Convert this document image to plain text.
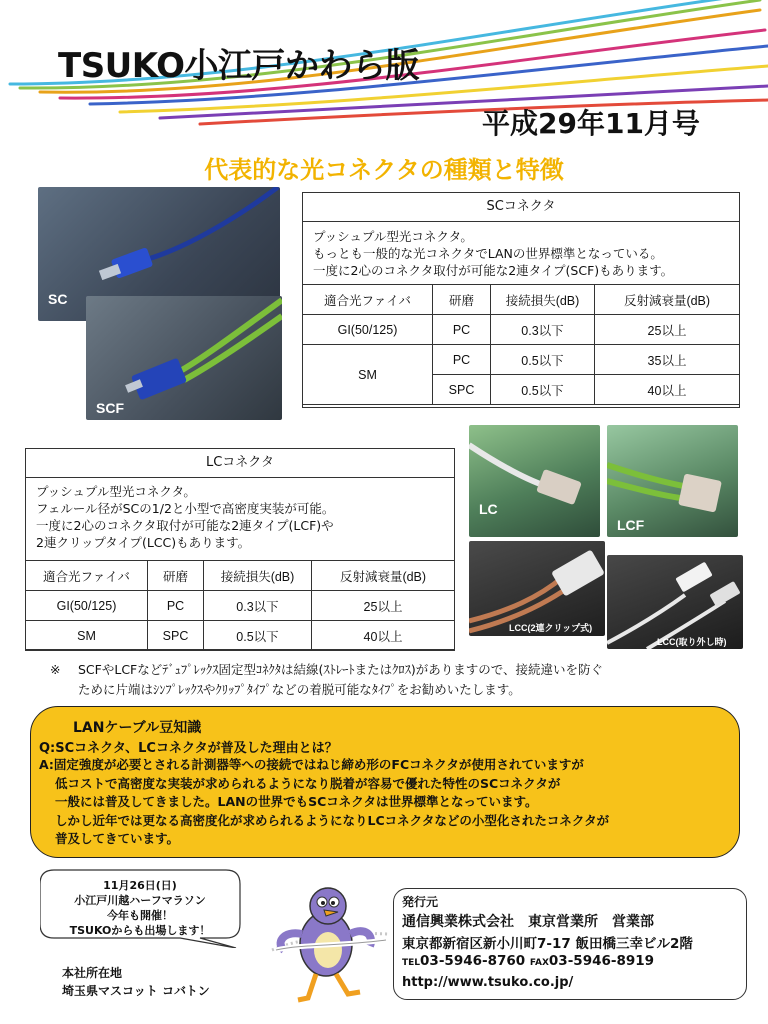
TSUKO小江戸かわら版
平成29年11月号
代表的な光コネクタの種類と特徴
SC
SCF
SCコネクタ
プッシュプル型光コネクタ。
もっとも一般的な光コネクタでLANの世界標準となっている。
一度に2心のコネクタ取付が可能な2連タイプ(SCF)もあります。
適合光ファイバ	研磨	接続損失(dB)	反射減衰量(dB)
GI(50/125)	PC	0.3以下	25以上
SM	PC	0.5以下	35以上
	SPC	0.5以下	40以上
LCコネクタ
プッシュプル型光コネクタ。
フェルール径がSCの1/2と小型で高密度実装が可能。
一度に2心のコネクタ取付が可能な2連タイプ(LCF)や
2連クリップタイプ(LCC)もあります。
適合光ファイバ	研磨	接続損失(dB)	反射減衰量(dB)
GI(50/125)	PC	0.3以下	25以上
SM	SPC	0.5以下	40以上
LC
LCF
LCC(2連クリップ式)
LCC(取り外し時)
※ SCFやLCFなどﾃﾞｭﾌﾟﾚｯｸｽ固定型ｺﾈｸﾀは結線(ｽﾄﾚｰﾄまたはｸﾛｽ)がありますので、接続違いを防ぐ
ために片端はｼﾝﾌﾟﾚｯｸｽやｸﾘｯﾌﾟﾀｲﾌﾟなどの着脱可能なﾀｲﾌﾟをお勧めいたします。
LANケーブル豆知識
Q:SCコネクタ、LCコネクタが普及した理由とは？
A:固定強度が必要とされる計測器等への接続ではねじ締め形のFCコネクタが使用されていますが
低コストで高密度な実装が求められるようになり脱着が容易で優れた特性のSCコネクタが
一般には普及してきました。LANの世界でもSCコネクタは世界標準となっています。
しかし近年では更なる高密度化が求められるようになりLCコネクタなどの小型化されたコネクタが
普及してきています。
11月26日(日)
小江戸川越ハーフマラソン
今年も開催！
TSUKOからも出場します！
本社所在地
埼玉県マスコット コバトン
発行元
通信興業株式会社　東京営業所　営業部
東京都新宿区新小川町7-17 飯田橋三幸ビル2階
TEL03-5946-8760 FAX03-5946-8919
http://www.tsuko.co.jp/
